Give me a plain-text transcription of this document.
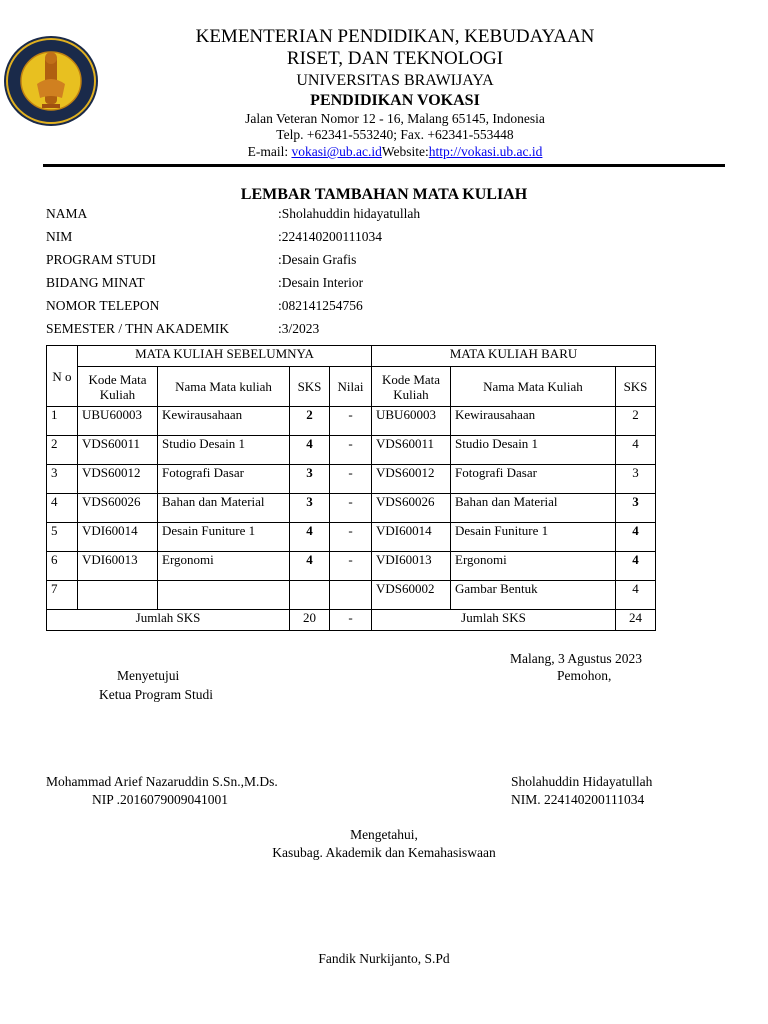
KEMENTERIAN PENDIDIKAN, KEBUDAYAAN
RISET, DAN TEKNOLOGI
UNIVERSITAS BRAWIJAYA
PENDIDIKAN VOKASI
Jalan Veteran Nomor 12 - 16, Malang 65145, Indonesia
Telp. +62341-553240; Fax. +62341-553448
E-mail: vokasi@ub.ac.idWebsite:http://vokasi.ub.ac.id
LEMBAR TAMBAHAN MATA KULIAH
NAMA	:Sholahuddin hidayatullah
NIM	:224140200111034
PROGRAM STUDI	:Desain Grafis
BIDANG MINAT	:Desain Interior
NOMOR TELEPON	:082141254756
SEMESTER / THN AKADEMIK	:3/2023
N o	MATA KULIAH SEBELUMNYA				MATA KULIAH BARU		
	Kode Mata Kuliah	Nama Mata kuliah	SKS	Nilai	Kode Mata Kuliah	Nama Mata Kuliah	SKS
1	UBU60003	Kewirausahaan	2	-	UBU60003	Kewirausahaan	2
2	VDS60011	Studio Desain 1	4	-	VDS60011	Studio Desain 1	4
3	VDS60012	Fotografi Dasar	3	-	VDS60012	Fotografi Dasar	3
4	VDS60026	Bahan dan Material	3	-	VDS60026	Bahan dan Material	3
5	VDI60014	Desain Funiture 1	4	-	VDI60014	Desain Funiture 1	4
6	VDI60013	Ergonomi	4	-	VDI60013	Ergonomi	4
7					VDS60002	Gambar Bentuk	4
Jumlah SKS			20	-	Jumlah SKS		24
Malang, 3 Agustus 2023
Menyetujui	Pemohon,
Ketua Program Studi
Mohammad Arief Nazaruddin S.Sn.,M.Ds.	Sholahuddin Hidayatullah
NIP .2016079009041001	NIM. 224140200111034
Mengetahui,
Kasubag. Akademik dan Kemahasiswaan
Fandik Nurkijanto, S.Pd
